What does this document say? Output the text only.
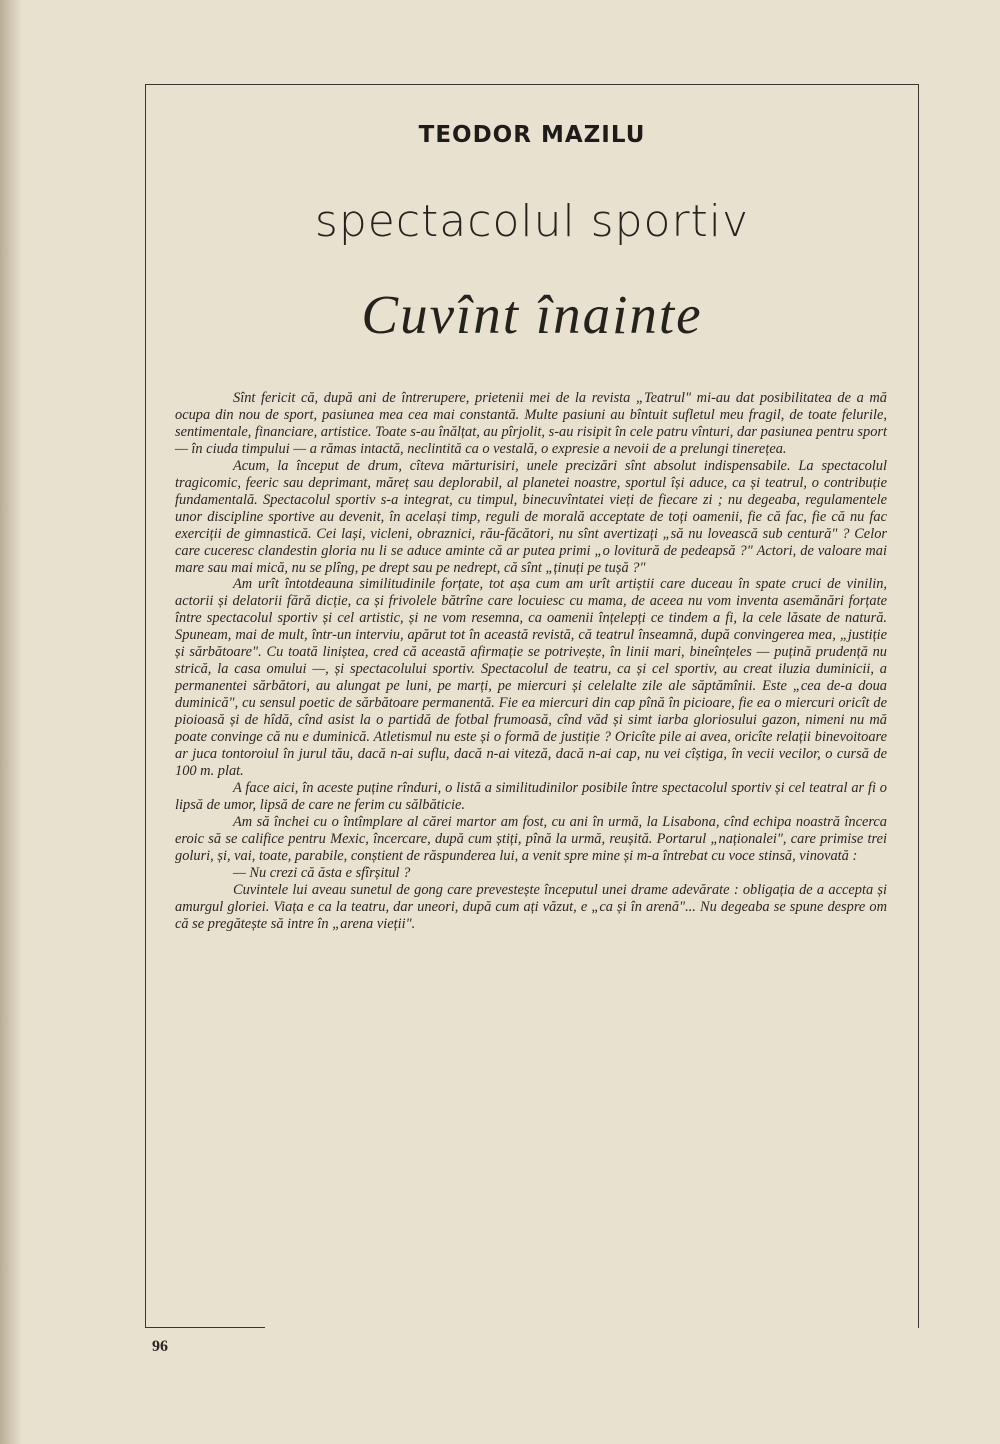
TEODOR MAZILU
spectacolul sportiv
Cuvînt înainte

Sînt fericit că, după ani de întrerupere, prietenii mei de la revista „Teatrul" mi-au dat posibilitatea de a mă ocupa din nou de sport, pasiunea mea cea mai constantă. Multe pasiuni au bîntuit sufletul meu fragil, de toate felurile, sentimentale, financiare, artistice. Toate s-au înălțat, au pîrjolit, s-au risipit în cele patru vînturi, dar pasiunea pentru sport — în ciuda timpului — a rămas intactă, neclintită ca o vestală, o expresie a nevoii de a prelungi tinerețea.

Acum, la început de drum, cîteva mărturisiri, unele precizări sînt absolut indispensabile. La spectacolul tragicomic, feeric sau deprimant, măreț sau deplorabil, al planetei noastre, sportul își aduce, ca și teatrul, o contribuție fundamentală. Spectacolul sportiv s-a integrat, cu timpul, binecuvîntatei vieți de fiecare zi ; nu degeaba, regulamentele unor discipline sportive au devenit, în același timp, reguli de morală acceptate de toți oamenii, fie că fac, fie că nu fac exerciții de gimnastică. Cei lași, vicleni, obraznici, rău-făcători, nu sînt avertizați „să nu lovească sub centură" ? Celor care cuceresc clandestin gloria nu li se aduce aminte că ar putea primi „o lovitură de pedeapsă ?" Actori, de valoare mai mare sau mai mică, nu se plîng, pe drept sau pe nedrept, că sînt „ținuți pe tușă ?"

Am urît întotdeauna similitudinile forțate, tot așa cum am urît artiștii care duceau în spate cruci de vinilin, actorii și delatorii fără dicție, ca și frivolele bătrîne care locuiesc cu mama, de aceea nu vom inventa asemănări forțate între spectacolul sportiv și cel artistic, și ne vom resemna, ca oamenii înțelepți ce tindem a fi, la cele lăsate de natură. Spuneam, mai de mult, într-un interviu, apărut tot în această revistă, că teatrul înseamnă, după convingerea mea, „justiție și sărbătoare". Cu toată liniștea, cred că această afirmație se potrivește, în linii mari, bineînțeles — puțină prudență nu strică, la casa omului —, și spectacolului sportiv. Spectacolul de teatru, ca și cel sportiv, au creat iluzia duminicii, a permanentei sărbători, au alungat pe luni, pe marți, pe miercuri și celelalte zile ale săptămînii. Este „cea de-a doua duminică", cu sensul poetic de sărbătoare permanentă. Fie ea miercuri din cap pînă în picioare, fie ea o miercuri oricît de pioioasă și de hîdă, cînd asist la o partidă de fotbal frumoasă, cînd văd și simt iarba gloriosului gazon, nimeni nu mă poate convinge că nu e duminică. Atletismul nu este și o formă de justiție ? Oricîte pile ai avea, oricîte relații binevoitoare ar juca tontoroiul în jurul tău, dacă n-ai suflu, dacă n-ai viteză, dacă n-ai cap, nu vei cîștiga, în vecii vecilor, o cursă de 100 m. plat.

A face aici, în aceste puține rînduri, o listă a similitudinilor posibile între spectacolul sportiv și cel teatral ar fi o lipsă de umor, lipsă de care ne ferim cu sălbăticie.

Am să închei cu o întîmplare al cărei martor am fost, cu ani în urmă, la Lisabona, cînd echipa noastră încerca eroic să se califice pentru Mexic, încercare, după cum știți, pînă la urmă, reușită. Portarul „naționalei", care primise trei goluri, și, vai, toate, parabile, conștient de răspunderea lui, a venit spre mine și m-a întrebat cu voce stinsă, vinovată :

— Nu crezi că ăsta e sfîrșitul ?

Cuvintele lui aveau sunetul de gong care prevestește începutul unei drame adevărate : obligația de a accepta și amurgul gloriei. Viața e ca la teatru, dar uneori, după cum ați văzut, e „ca și în arenă"... Nu degeaba se spune despre om că se pregătește să intre în „arena vieții".

96
